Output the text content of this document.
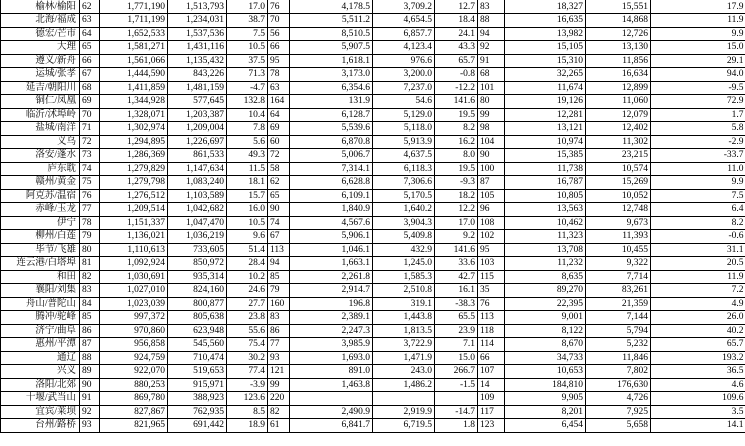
榆林/榆阳	62	1,771,190	1,513,793	17.0	76	4,178.5	3,709.2	12.7	83	18,327	15,551	17.9
北海/福成	63	1,711,199	1,234,031	38.7	70	5,511.2	4,654.5	18.4	88	16,635	14,868	11.9
德宏/芒市	64	1,652,533	1,537,536	7.5	56	8,510.5	6,857.7	24.1	94	13,982	12,726	9.9
大理	65	1,581,271	1,431,116	10.5	66	5,907.5	4,123.4	43.3	92	15,105	13,130	15.0
遵义/新舟	66	1,561,066	1,135,432	37.5	95	1,618.1	976.6	65.7	91	15,310	11,856	29.1
运城/张孝	67	1,444,590	843,226	71.3	78	3,173.0	3,200.0	-0.8	68	32,265	16,634	94.0
延吉/朝阳川	68	1,411,859	1,481,159	-4.7	63	6,354.6	7,237.0	-12.2	101	11,674	12,899	-9.5
铜仁/凤凰	69	1,344,928	577,645	132.8	164	131.9	54.6	141.6	80	19,126	11,060	72.9
临沂/沭埠岭	70	1,328,071	1,203,387	10.4	64	6,128.7	5,129.0	19.5	99	12,281	12,079	1.7
盐城/南洋	71	1,302,974	1,209,004	7.8	69	5,539.6	5,118.0	8.2	98	13,121	12,402	5.8
义乌	72	1,294,895	1,226,697	5.6	60	6,870.8	5,913.9	16.2	104	10,974	11,302	-2.9
洛安/蓬水	73	1,286,369	861,533	49.3	72	5,006.7	4,637.5	8.0	90	15,385	23,215	-33.7
庐东耽	74	1,279,829	1,147,634	11.5	58	7,314.1	6,118.3	19.5	100	11,738	10,574	11.0
赣州/黄金	75	1,279,798	1,083,240	18.1	62	6,628.8	7,306.6	-9.3	87	16,787	15,269	9.9
阿克苏/温宿	76	1,276,512	1,103,589	15.7	65	6,109.1	5,170.5	18.2	105	10,805	10,052	7.5
赤峰/玉龙	77	1,209,514	1,042,682	16.0	90	1,840.9	1,640.2	12.2	96	13,563	12,748	6.4
伊宁	78	1,151,337	1,047,470	10.5	74	4,567.6	3,904.3	17.0	108	10,462	9,673	8.2
柳州/白莲	79	1,136,021	1,036,219	9.6	67	5,906.1	5,409.8	9.2	102	11,323	11,393	-0.6
毕节/飞雄	80	1,110,613	733,605	51.4	113	1,046.1	432.9	141.6	95	13,708	10,455	31.1
连云港/白塔埠	81	1,092,924	850,972	28.4	94	1,663.1	1,245.0	33.6	103	11,232	9,322	20.5
和田	82	1,030,691	935,314	10.2	85	2,261.8	1,585.3	42.7	115	8,635	7,714	11.9
襄阳/刘集	83	1,027,010	824,160	24.6	79	2,914.7	2,510.8	16.1	35	89,270	83,261	7.2
舟山/普陀山	84	1,023,039	800,877	27.7	160	196.8	319.1	-38.3	76	22,395	21,359	4.9
腾冲/驼峰	85	997,372	805,638	23.8	83	2,389.1	1,443.8	65.5	113	9,001	7,144	26.0
济宁/曲阜	86	970,860	623,948	55.6	86	2,247.3	1,813.5	23.9	118	8,122	5,794	40.2
惠州/平潭	87	956,858	545,560	75.4	77	3,985.9	3,722.9	7.1	114	8,670	5,232	65.7
通辽	88	924,759	710,474	30.2	93	1,693.0	1,471.9	15.0	66	34,733	11,846	193.2
兴义	89	922,070	519,653	77.4	121	891.0	243.0	266.7	107	10,653	7,802	36.5
洛阳/北郊	90	880,253	915,971	-3.9	99	1,463.8	1,486.2	-1.5	14	184,810	176,630	4.6
十堰/武当山	91	869,780	388,923	123.6	220				109	9,905	4,726	109.6
宜宾/莱坝	92	827,867	762,935	8.5	82	2,490.9	2,919.9	-14.7	117	8,201	7,925	3.5
台州/路桥	93	821,965	691,442	18.9	61	6,841.7	6,719.5	1.8	123	6,454	5,658	14.1
